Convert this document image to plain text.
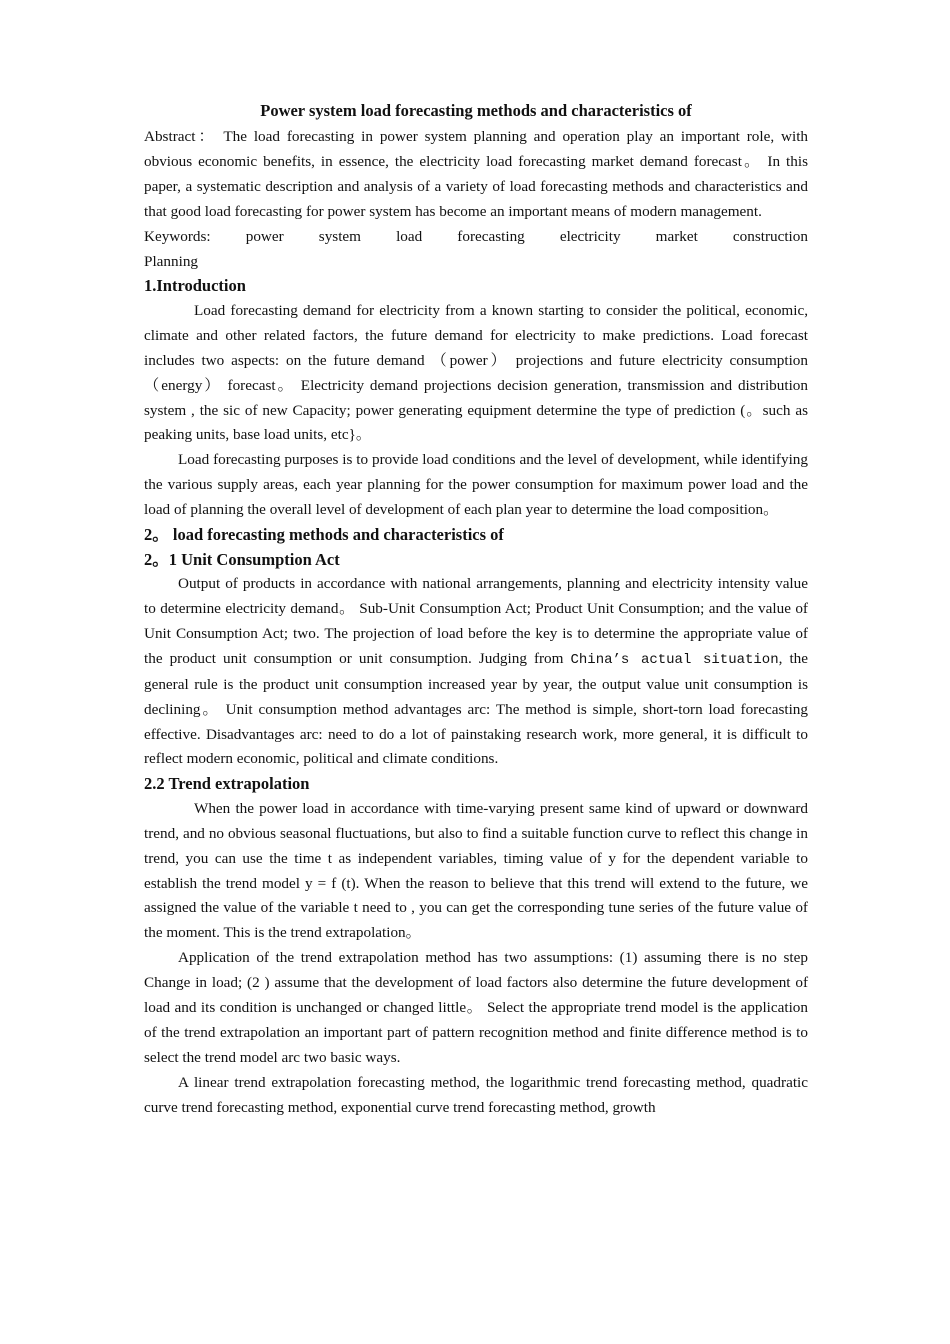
Power system load forecasting methods and characteristics of

Abstract： The load forecasting in power system planning and operation play an important role, with obvious economic benefits, in essence, the electricity load forecasting market demand forecast。 In this paper, a systematic description and analysis of a variety of load forecasting methods and characteristics and that good load forecasting for power system has become an important means of modern management.

Keywords: power system load forecasting electricity market construction

Planning

1.Introduction

Load forecasting demand for electricity from a known starting to consider the political, economic, climate and other related factors, the future demand for electricity to make predictions. Load forecast includes two aspects: on the future demand （power） projections and future electricity consumption （energy） forecast。 Electricity demand projections decision generation, transmission and distribution system , the sic of new Capacity; power generating equipment determine the type of prediction (。such as peaking units, base load units, etc}。

Load forecasting purposes is to provide load conditions and the level of development, while identifying the various supply areas, each year planning for the power consumption for maximum power load and the load of planning the overall level of development of each plan year to determine the load composition。

2。 load forecasting methods and characteristics of
2。1 Unit Consumption Act

Output of products in accordance with national arrangements, planning and electricity intensity value to determine electricity demand。 Sub-Unit Consumption Act; Product Unit Consumption; and the value of Unit Consumption Act; two. The projection of load before the key is to determine the appropriate value of the product unit consumption or unit consumption. Judging from China’s actual situation, the general rule is the product unit consumption increased year by year, the output value unit consumption is declining。 Unit consumption method advantages arc: The method is simple, short-torn load forecasting effective. Disadvantages arc: need to do a lot of painstaking research work, more general, it is difficult to reflect modern economic, political and climate conditions.

2.2 Trend extrapolation

When the power load in accordance with time-varying present same kind of upward or downward trend, and no obvious seasonal fluctuations, but also to find a suitable function curve to reflect this change in trend, you can use the time t as independent variables, timing value of y for the dependent variable to establish the trend model y = f (t). When the reason to believe that this trend will extend to the future, we assigned the value of the variable t need to , you can get the corresponding tune series of the future value of the moment. This is the trend extrapolation。

Application of the trend extrapolation method has two assumptions: (1) assuming there is no step Change in load; (2 ) assume that the development of load factors also determine the future development of load and its condition is unchanged or changed little。 Select the appropriate trend model is the application of the trend extrapolation an important part of pattern recognition method and finite difference method is to select the trend model arc two basic ways.

A linear trend extrapolation forecasting method, the logarithmic trend forecasting method, quadratic curve trend forecasting method, exponential curve trend forecasting method, growth
